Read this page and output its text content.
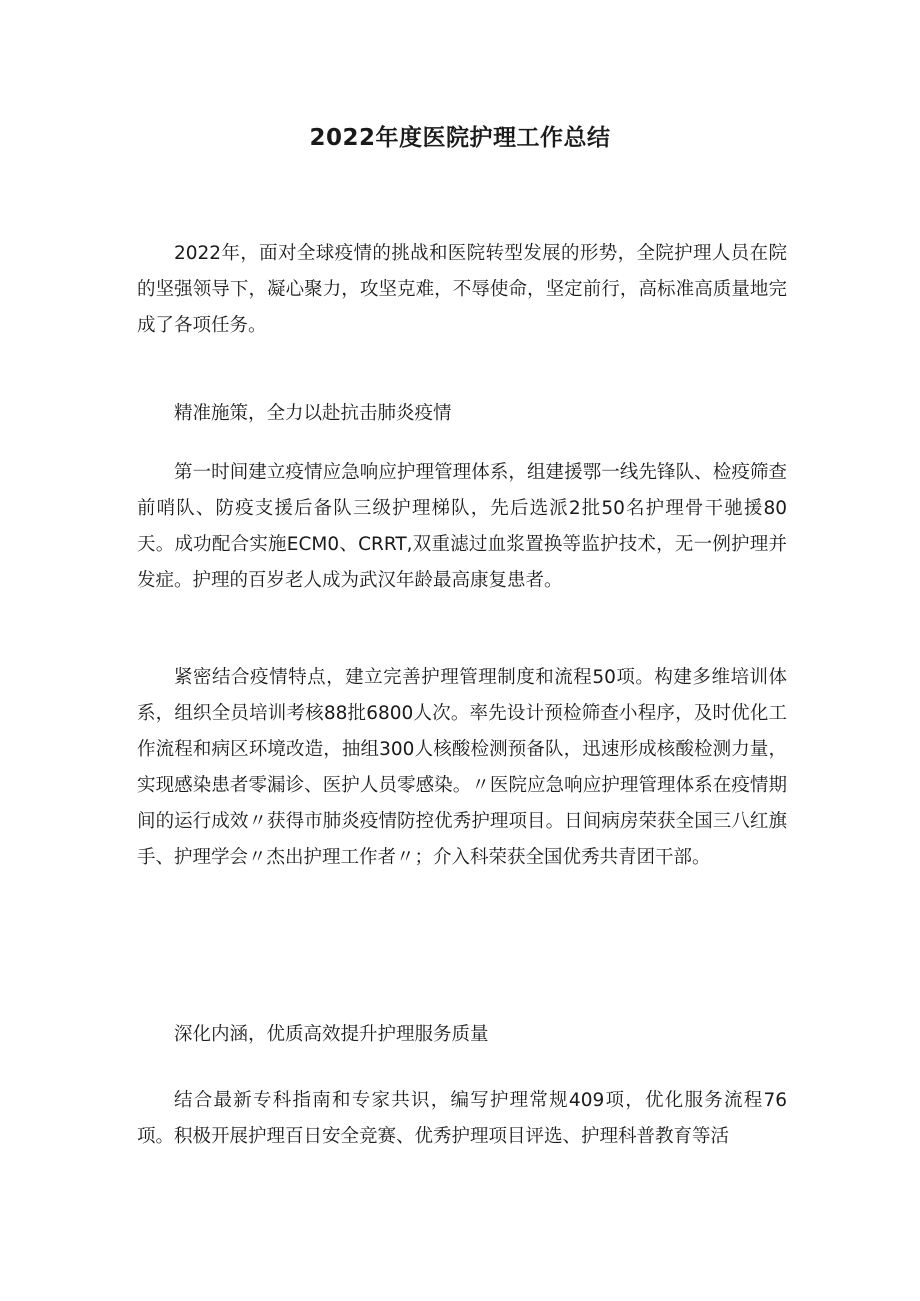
2022年度医院护理工作总结

2022年，面对全球疫情的挑战和医院转型发展的形势，全院护理人员在院的坚强领导下，凝心聚力，攻坚克难，不辱使命，坚定前行，高标准高质量地完成了各项任务。

精准施策，全力以赴抗击肺炎疫情

第一时间建立疫情应急响应护理管理体系，组建援鄂一线先锋队、检疫筛查前哨队、防疫支援后备队三级护理梯队，先后选派2批50名护理骨干驰援80天。成功配合实施ECM0、CRRT,双重滤过血浆置换等监护技术，无一例护理并发症。护理的百岁老人成为武汉年龄最高康复患者。

紧密结合疫情特点，建立完善护理管理制度和流程50项。构建多维培训体系，组织全员培训考核88批6800人次。率先设计预检筛查小程序，及时优化工作流程和病区环境改造，抽组300人核酸检测预备队，迅速形成核酸检测力量，实现感染患者零漏诊、医护人员零感染。〃医院应急响应护理管理体系在疫情期间的运行成效〃获得市肺炎疫情防控优秀护理项目。日间病房荣获全国三八红旗手、护理学会〃杰出护理工作者〃；介入科荣获全国优秀共青团干部。

深化内涵，优质高效提升护理服务质量

结合最新专科指南和专家共识，编写护理常规409项，优化服务流程76项。积极开展护理百日安全竞赛、优秀护理项目评选、护理科普教育等活
